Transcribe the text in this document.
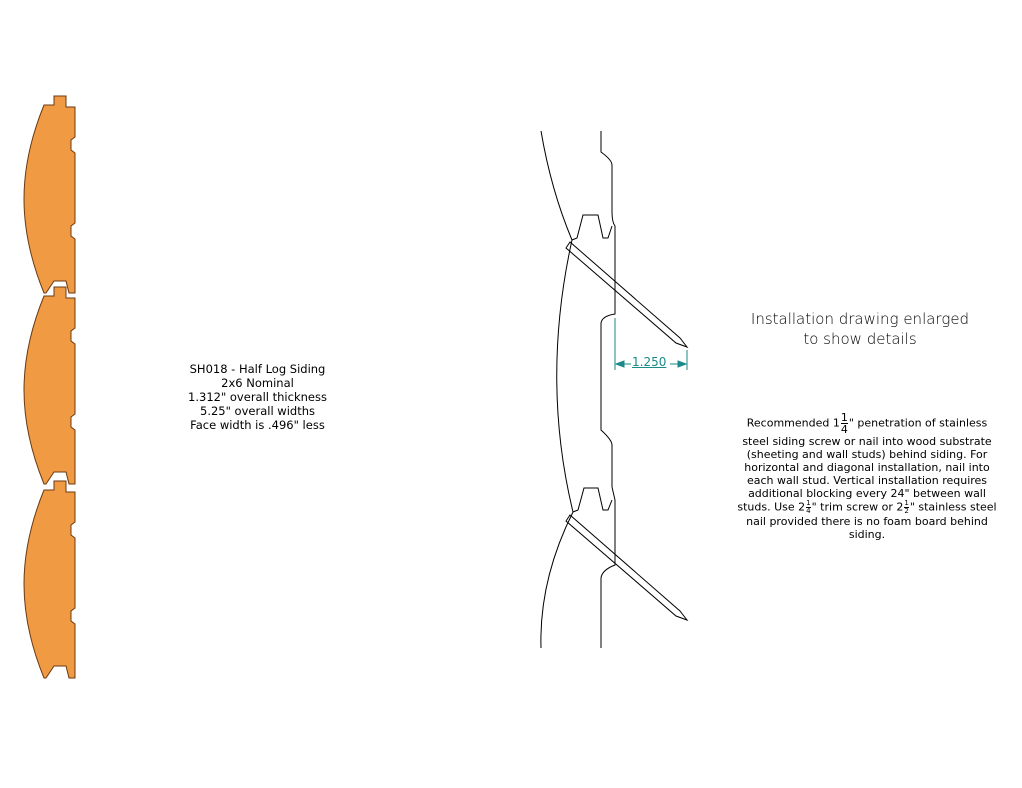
1.250
SH018 - Half Log Siding
2x6 Nominal
1.312" overall thickness
5.25" overall widths
Face width is .496" less
Installation drawing enlarged
to show details

Recommended $1 \frac{1}{4}$ " penetration of stainless steel siding screw or nail into wood substrate (sheeting and wall studs) behind siding. For horizontal and diagonal installation, nail into each wall stud. Vertical installation requires additional blocking every 24" between wall studs. Use $2 \frac{1}{4}$ " trim screw or $2 \frac{1}{2}$ " stainless steel nail provided there is no foam board behind siding.
